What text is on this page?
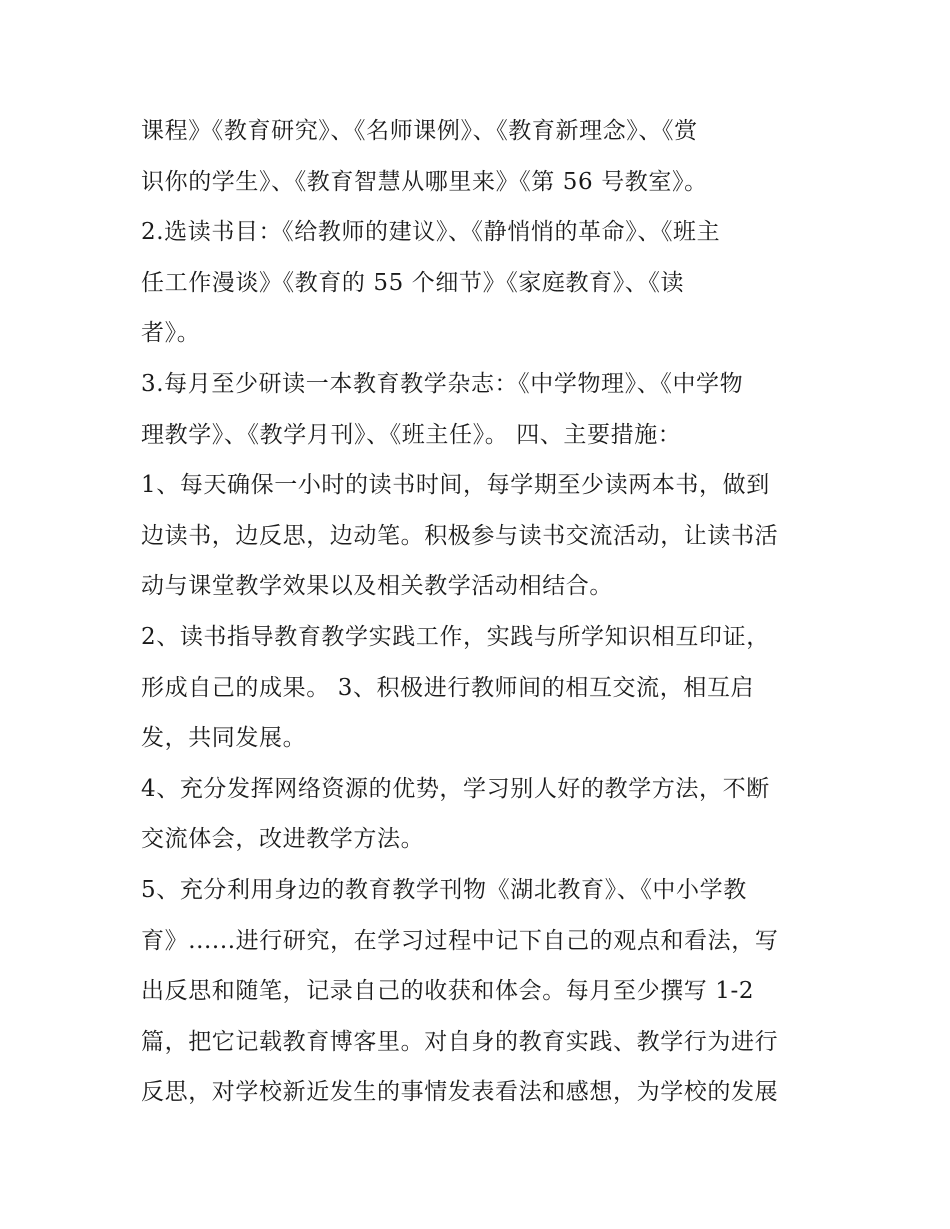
课程》《教育研究》、《名师课例》、《教育新理念》、《赏
识你的学生》、《教育智慧从哪里来》《第 56 号教室》。
2.选读书目：《给教师的建议》、《静悄悄的革命》、《班主
任工作漫谈》《教育的 55 个细节》《家庭教育》、《读
者》。
3.每月至少研读一本教育教学杂志：《中学物理》、《中学物
理教学》、《教学月刊》、《班主任》。 四、主要措施：
1、每天确保一小时的读书时间，每学期至少读两本书，做到
边读书，边反思，边动笔。积极参与读书交流活动，让读书活
动与课堂教学效果以及相关教学活动相结合。
2、读书指导教育教学实践工作，实践与所学知识相互印证，
形成自己的成果。 3、积极进行教师间的相互交流，相互启
发，共同发展。
4、充分发挥网络资源的优势，学习别人好的教学方法，不断
交流体会，改进教学方法。
5、充分利用身边的教育教学刊物《湖北教育》、《中小学教
育》......进行研究，在学习过程中记下自己的观点和看法，写
出反思和随笔，记录自己的收获和体会。每月至少撰写 1-2
篇，把它记载教育博客里。对自身的教育实践、教学行为进行
反思，对学校新近发生的事情发表看法和感想，为学校的发展
